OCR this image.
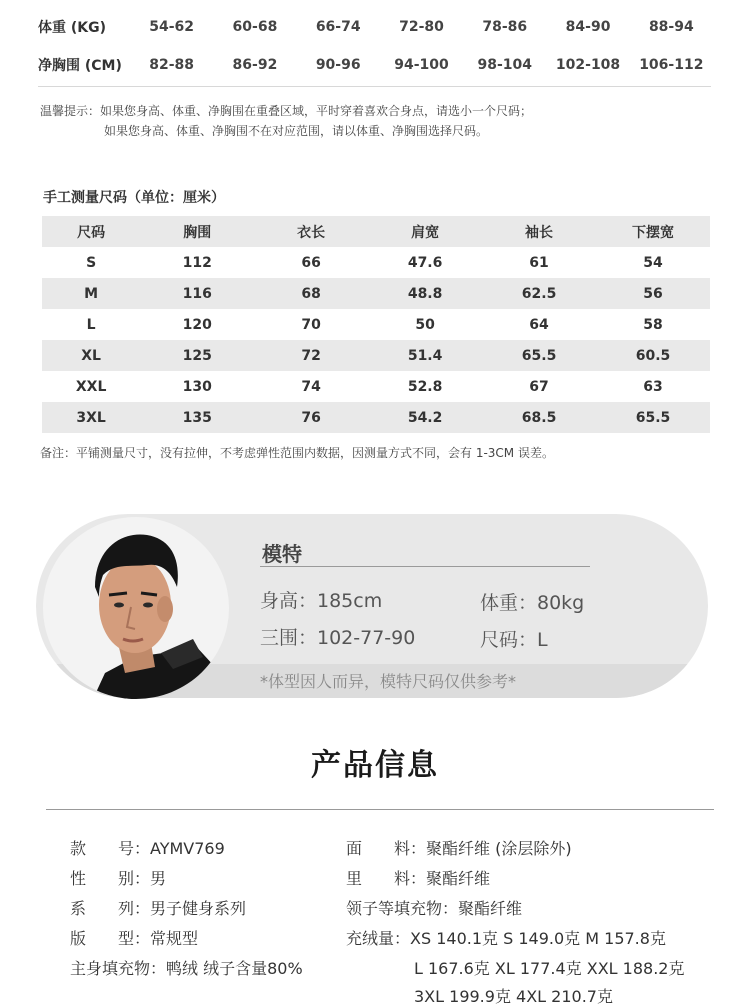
体重 (KG)	54-62	60-68	66-74	72-80	78-86	84-90	88-94
净胸围 (CM)	82-88	86-92	90-96	94-100	98-104	102-108	106-112
温馨提示：如果您身高、体重、净胸围在重叠区域，平时穿着喜欢合身点，请选小一个尺码；
如果您身高、体重、净胸围不在对应范围，请以体重、净胸围选择尺码。
手工测量尺码（单位：厘米）
尺码	胸围	衣长	肩宽	袖长	下摆宽
S	112	66	47.6	61	54
M	116	68	48.8	62.5	56
L	120	70	50	64	58
XL	125	72	51.4	65.5	60.5
XXL	130	74	52.8	67	63
3XL	135	76	54.2	68.5	65.5
备注：平铺测量尺寸，没有拉伸，不考虑弹性范围内数据，因测量方式不同，会有 1-3CM 误差。
模特
身高：185cm	体重：80kg
三围：102-77-90	尺码：L
*体型因人而异，模特尺码仅供参考*
产品信息
款　　号：AYMV769
性　　别：男
系　　列：男子健身系列
版　　型：常规型
主身填充物：鸭绒 绒子含量80%
面　　料：聚酯纤维 (涂层除外)
里　　料：聚酯纤维
领子等填充物：聚酯纤维
充绒量：XS 140.1克 S 149.0克 M 157.8克
L 167.6克 XL 177.4克 XXL 188.2克
3XL 199.9克 4XL 210.7克
